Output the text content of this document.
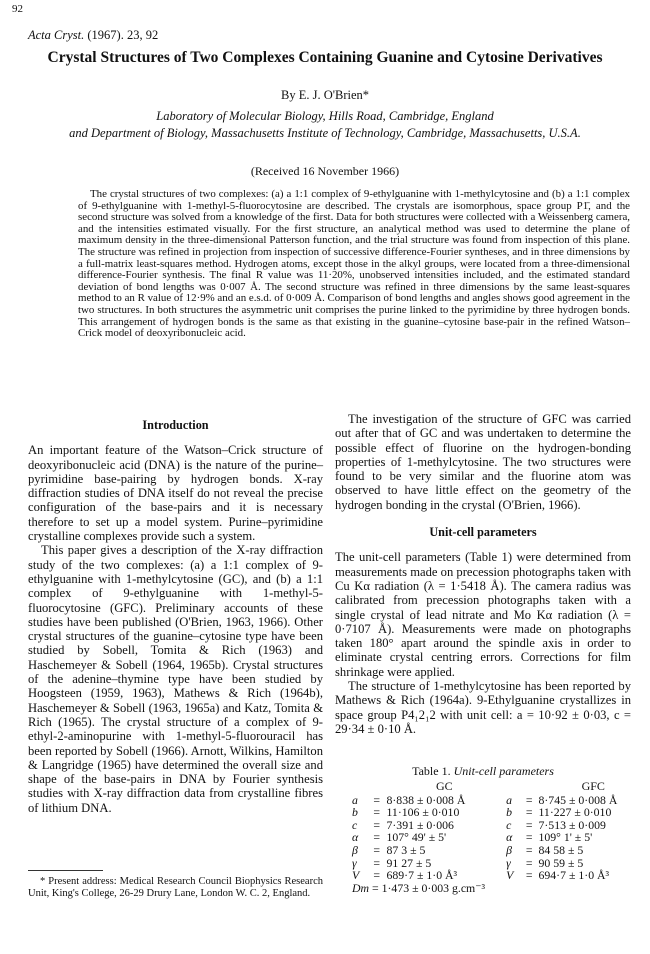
92
Acta Cryst. (1967). 23, 92
Crystal Structures of Two Complexes Containing Guanine and Cytosine Derivatives
By E. J. O'Brien*
Laboratory of Molecular Biology, Hills Road, Cambridge, England
and Department of Biology, Massachusetts Institute of Technology, Cambridge, Massachusetts, U.S.A.
(Received 16 November 1966)

The crystal structures of two complexes: (a) a 1:1 complex of 9-ethylguanine with 1-methylcytosine and (b) a 1:1 complex of 9-ethylguanine with 1-methyl-5-fluorocytosine are described. The crystals are isomorphous, space group P1̄, and the second structure was solved from a knowledge of the first. Data for both structures were collected with a Weissenberg camera, and the intensities estimated visually. For the first structure, an analytical method was used to determine the plane of maximum density in the three-dimensional Patterson function, and the trial structure was found from inspection of this plane. The structure was refined in projection from inspection of successive difference-Fourier syntheses, and in three dimensions by a full-matrix least-squares method. Hydrogen atoms, except those in the alkyl groups, were located from a three-dimensional difference-Fourier synthesis. The final R value was 11·20%, unobserved intensities included, and the estimated standard deviation of bond lengths was 0·007 Å. The second structure was refined in three dimensions by the same least-squares method to an R value of 12·9% and an e.s.d. of 0·009 Å. Comparison of bond lengths and angles shows good agreement in the two structures. In both structures the asymmetric unit comprises the purine linked to the pyrimidine by three hydrogen bonds. This arrangement of hydrogen bonds is the same as that existing in the guanine–cytosine base-pair in the refined Watson–Crick model of deoxyribonucleic acid.

Introduction

An important feature of the Watson–Crick structure of deoxyribonucleic acid (DNA) is the nature of the purine–pyrimidine base-pairing by hydrogen bonds. X-ray diffraction studies of DNA itself do not reveal the precise configuration of the base-pairs and it is necessary therefore to set up a model system. Purine–pyrimidine crystalline complexes provide such a system.

This paper gives a description of the X-ray diffraction study of the two complexes: (a) a 1:1 complex of 9-ethylguanine with 1-methylcytosine (GC), and (b) a 1:1 complex of 9-ethylguanine with 1-methyl-5-fluorocytosine (GFC). Preliminary accounts of these studies have been published (O'Brien, 1963, 1966). Other crystal structures of the guanine–cytosine type have been studied by Sobell, Tomita & Rich (1963) and Haschemeyer & Sobell (1964, 1965b). Crystal structures of the adenine–thymine type have been studied by Hoogsteen (1959, 1963), Mathews & Rich (1964b), Haschemeyer & Sobell (1963, 1965a) and Katz, Tomita & Rich (1965). The crystal structure of a complex of 9-ethyl-2-aminopurine with 1-methyl-5-fluorouracil has been reported by Sobell (1966). Arnott, Wilkins, Hamilton & Langridge (1965) have determined the overall size and shape of the base-pairs in DNA by Fourier synthesis studies with X-ray diffraction data from crystalline fibres of lithium DNA.

* Present address: Medical Research Council Biophysics Research Unit, King's College, 26-29 Drury Lane, London W. C. 2, England.

The investigation of the structure of GFC was carried out after that of GC and was undertaken to determine the possible effect of fluorine on the hydrogen-bonding properties of 1-methylcytosine. The two structures were found to be very similar and the fluorine atom was observed to have little effect on the geometry of the hydrogen bonding in the crystal (O'Brien, 1966).

Unit-cell parameters

The unit-cell parameters (Table 1) were determined from measurements made on precession photographs taken with Cu Kα radiation (λ = 1·5418 Å). The camera radius was calibrated from precession photographs taken with a single crystal of lead nitrate and Mo Kα radiation (λ = 0·7107 Å). Measurements were made on photographs taken 180° apart around the spindle axis in order to eliminate crystal centring errors. Corrections for film shrinkage were applied.

The structure of 1-methylcytosine has been reported by Mathews & Rich (1964a). 9-Ethylguanine crystallizes in space group P4₁2₁2 with unit cell: a = 10·92 ± 0·03, c = 29·34 ± 0·10 Å.

Table 1. Unit-cell parameters
		GC			GFC
a	=	8·838 ± 0·008 Å	a	=	8·745 ± 0·008 Å
b	=	11·106 ± 0·010	b	=	11·227 ± 0·010
c	=	7·391 ± 0·006	c	=	7·513 ± 0·009
α	=	107° 49' ± 5'	α	=	109° 1' ± 5'
β	=	87 3 ± 5	β	=	84 58 ± 5
γ	=	91 27 ± 5	γ	=	90 59 ± 5
V	=	689·7 ± 1·0 Å³	V	=	694·7 ± 1·0 Å³
Dm = 1·473 ± 0·003 g.cm⁻³					
